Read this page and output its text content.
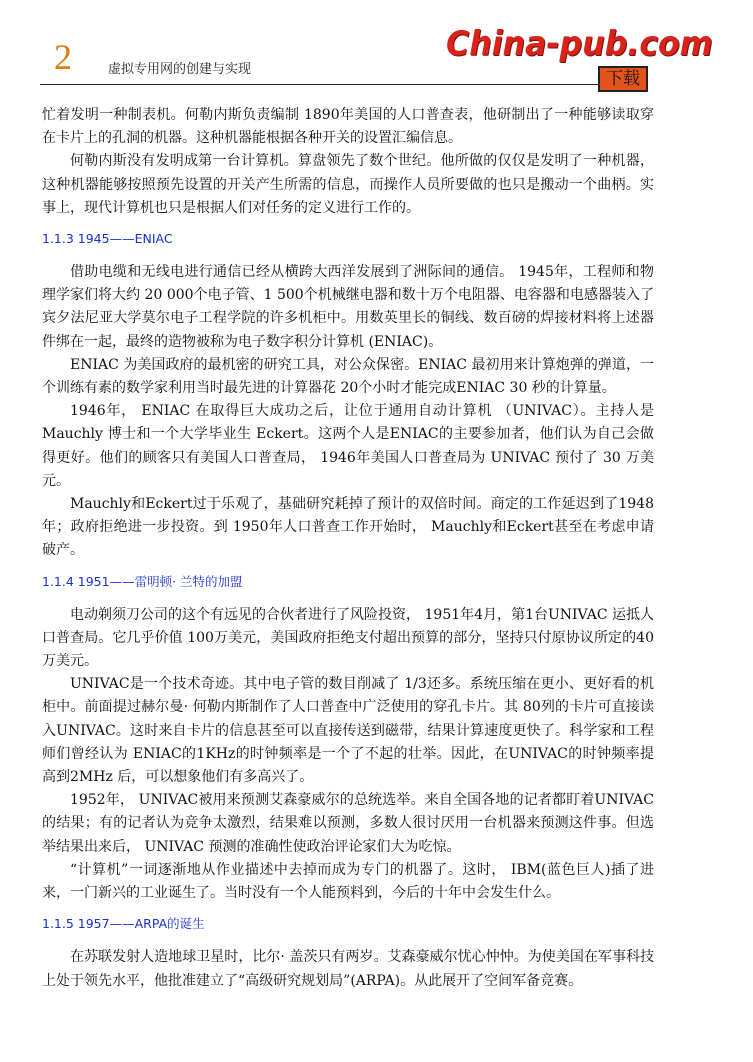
2	虚拟专用网的创建与实现
China-pub.com
下载

忙着发明一种制表机。何勒内斯负责编制 1890年美国的人口普查表，他研制出了一种能够读取穿在卡片上的孔洞的机器。这种机器能根据各种开关的设置汇编信息。

何勒内斯没有发明成第一台计算机。算盘领先了数个世纪。他所做的仅仅是发明了一种机器，这种机器能够按照预先设置的开关产生所需的信息，而操作人员所要做的也只是搬动一个曲柄。实事上，现代计算机也只是根据人们对任务的定义进行工作的。

1.1.3 1945——ENIAC

借助电缆和无线电进行通信已经从横跨大西洋发展到了洲际间的通信。 1945年，工程师和物理学家们将大约 20 000个电子管、1 500个机械继电器和数十万个电阻器、电容器和电感器装入了宾夕法尼亚大学莫尔电子工程学院的许多机柜中。用数英里长的铜线、数百磅的焊接材料将上述器件绑在一起，最终的造物被称为电子数字积分计算机 (ENIAC)。

ENIAC 为美国政府的最机密的研究工具，对公众保密。ENIAC 最初用来计算炮弹的弹道，一个训练有素的数学家利用当时最先进的计算器花 20个小时才能完成ENIAC 30 秒的计算量。

1946年， ENIAC 在取得巨大成功之后，让位于通用自动计算机 （UNIVAC）。主持人是 Mauchly 博士和一个大学毕业生 Eckert。这两个人是ENIAC的主要参加者，他们认为自己会做得更好。他们的顾客只有美国人口普查局， 1946年美国人口普查局为 UNIVAC 预付了 30 万美元。

Mauchly和Eckert过于乐观了，基础研究耗掉了预计的双倍时间。商定的工作延迟到了1948年；政府拒绝进一步投资。到 1950年人口普查工作开始时， Mauchly和Eckert甚至在考虑申请破产。

1.1.4 1951——雷明顿· 兰特的加盟

电动剃须刀公司的这个有远见的合伙者进行了风险投资， 1951年4月，第1台UNIVAC 运抵人口普查局。它几乎价值 100万美元，美国政府拒绝支付超出预算的部分，坚持只付原协议所定的40万美元。

UNIVAC是一个技术奇迹。其中电子管的数目削减了 1/3还多。系统压缩在更小、更好看的机柜中。前面提过赫尔曼· 何勒内斯制作了人口普查中广泛使用的穿孔卡片。其 80列的卡片可直接读入UNIVAC。这时来自卡片的信息甚至可以直接传送到磁带，结果计算速度更快了。科学家和工程师们曾经认为 ENIAC的1KHz的时钟频率是一个了不起的壮举。因此，在UNIVAC的时钟频率提高到2MHz 后，可以想象他们有多高兴了。

1952年， UNIVAC被用来预测艾森豪威尔的总统选举。来自全国各地的记者都盯着UNIVAC的结果；有的记者认为竞争太激烈，结果难以预测，多数人很讨厌用一台机器来预测这件事。但选举结果出来后， UNIVAC 预测的准确性使政治评论家们大为吃惊。

“计算机”一词逐渐地从作业描述中去掉而成为专门的机器了。这时， IBM(蓝色巨人)插了进来，一门新兴的工业诞生了。当时没有一个人能预料到，今后的十年中会发生什么。

1.1.5 1957——ARPA的诞生

在苏联发射人造地球卫星时，比尔· 盖茨只有两岁。艾森豪威尔忧心忡忡。为使美国在军事科技上处于领先水平，他批准建立了“高级研究规划局”(ARPA)。从此展开了空间军备竞赛。
